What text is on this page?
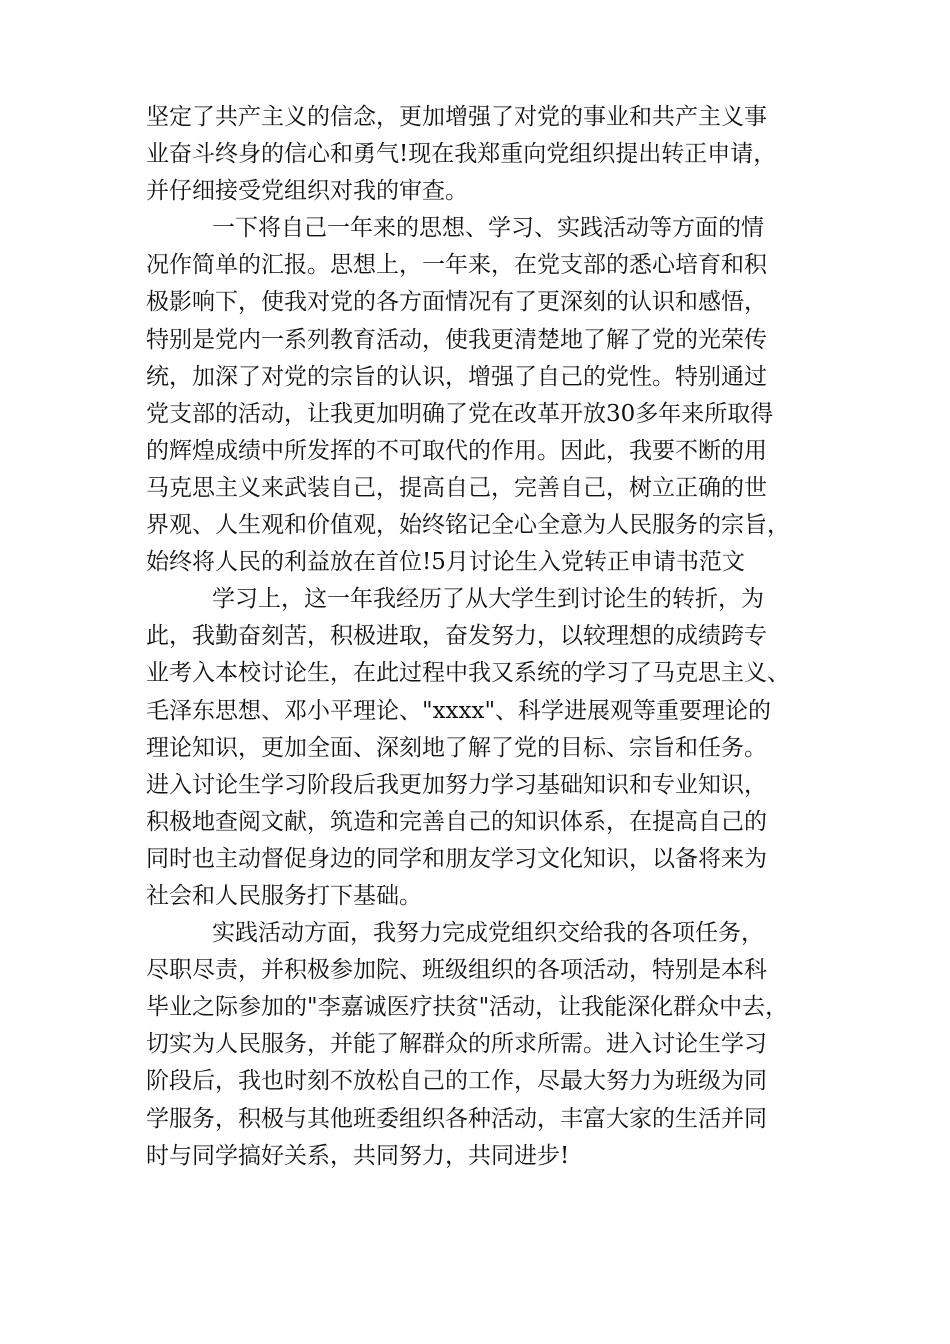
坚定了共产主义的信念，更加增强了对党的事业和共产主义事
业奋斗终身的信心和勇气!现在我郑重向党组织提出转正申请，
并仔细接受党组织对我的审查。
一下将自己一年来的思想、学习、实践活动等方面的情
况作简单的汇报。思想上，一年来，在党支部的悉心培育和积
极影响下，使我对党的各方面情况有了更深刻的认识和感悟，
特别是党内一系列教育活动，使我更清楚地了解了党的光荣传
统，加深了对党的宗旨的认识，增强了自己的党性。特别通过
党支部的活动，让我更加明确了党在改革开放30多年来所取得
的辉煌成绩中所发挥的不可取代的作用。因此，我要不断的用
马克思主义来武装自己，提高自己，完善自己，树立正确的世
界观、人生观和价值观，始终铭记全心全意为人民服务的宗旨，
始终将人民的利益放在首位!5月讨论生入党转正申请书范文
学习上，这一年我经历了从大学生到讨论生的转折，为
此，我勤奋刻苦，积极进取，奋发努力，以较理想的成绩跨专
业考入本校讨论生，在此过程中我又系统的学习了马克思主义、
毛泽东思想、邓小平理论、"xxxx"、科学进展观等重要理论的
理论知识，更加全面、深刻地了解了党的目标、宗旨和任务。
进入讨论生学习阶段后我更加努力学习基础知识和专业知识，
积极地查阅文献，筑造和完善自己的知识体系，在提高自己的
同时也主动督促身边的同学和朋友学习文化知识，以备将来为
社会和人民服务打下基础。
实践活动方面，我努力完成党组织交给我的各项任务，
尽职尽责，并积极参加院、班级组织的各项活动，特别是本科
毕业之际参加的"李嘉诚医疗扶贫"活动，让我能深化群众中去，
切实为人民服务，并能了解群众的所求所需。进入讨论生学习
阶段后，我也时刻不放松自己的工作，尽最大努力为班级为同
学服务，积极与其他班委组织各种活动，丰富大家的生活并同
时与同学搞好关系，共同努力，共同进步!
